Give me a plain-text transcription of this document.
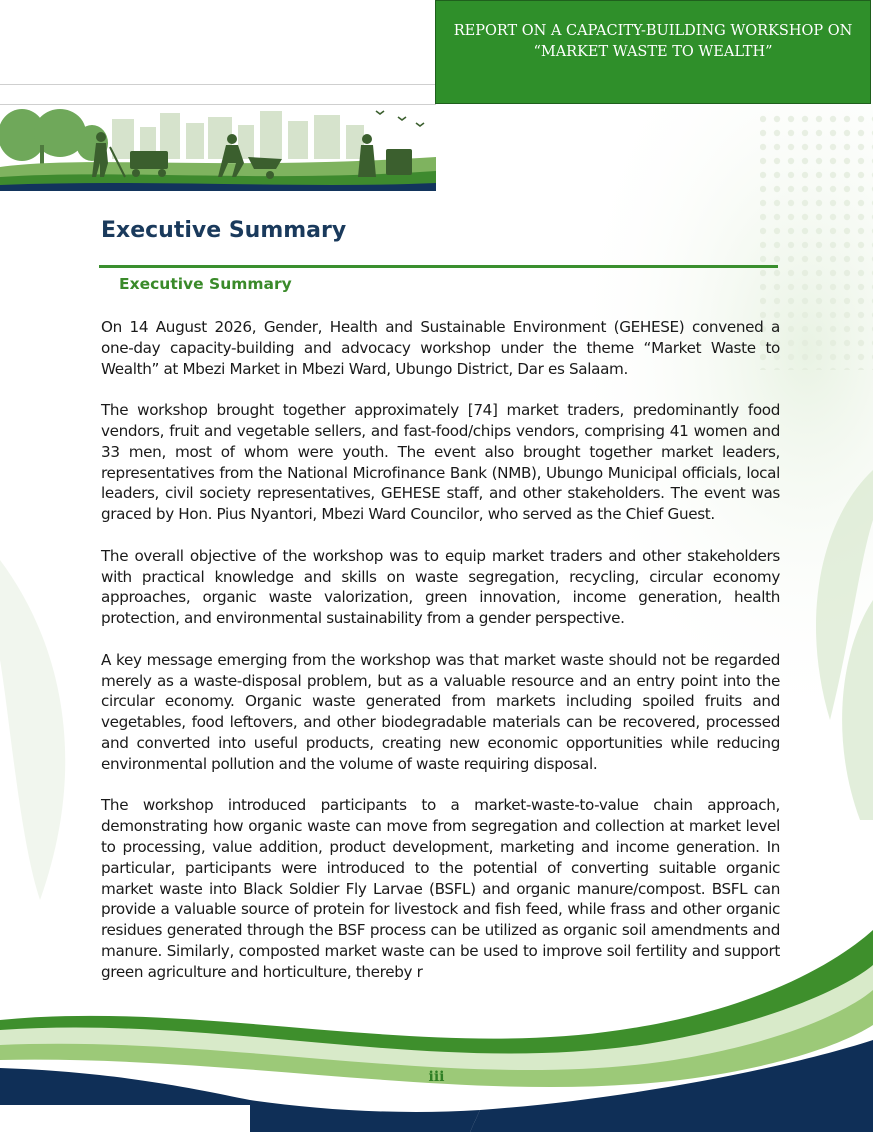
REPORT ON A CAPACITY-BUILDING WORKSHOP ON
“MARKET WASTE TO WEALTH”
Executive Summary
Executive Summary

On 14 August 2026, Gender, Health and Sustainable Environment (GEHESE) convened a one-day capacity-building and advocacy workshop under the theme “Market Waste to Wealth” at Mbezi Market in Mbezi Ward, Ubungo District, Dar es Salaam.

The workshop brought together approximately [74] market traders, predominantly food vendors, fruit and vegetable sellers, and fast-food/chips vendors, comprising 41 women and 33 men, most of whom were youth. The event also brought together market leaders, representatives from the National Microfinance Bank (NMB), Ubungo Municipal officials, local leaders, civil society representatives, GEHESE staff, and other stakeholders. The event was graced by Hon. Pius Nyantori, Mbezi Ward Councilor, who served as the Chief Guest.

The overall objective of the workshop was to equip market traders and other stakeholders with practical knowledge and skills on waste segregation, recycling, circular economy approaches, organic waste valorization, green innovation, income generation, health protection, and environmental sustainability from a gender perspective.

A key message emerging from the workshop was that market waste should not be regarded merely as a waste-disposal problem, but as a valuable resource and an entry point into the circular economy. Organic waste generated from markets including spoiled fruits and vegetables, food leftovers, and other biodegradable materials can be recovered, processed and converted into useful products, creating new economic opportunities while reducing environmental pollution and the volume of waste requiring disposal.

The workshop introduced participants to a market-waste-to-value chain approach, demonstrating how organic waste can move from segregation and collection at market level to processing, value addition, product development, marketing and income generation. In particular, participants were introduced to the potential of converting suitable organic market waste into Black Soldier Fly Larvae (BSFL) and organic manure/compost. BSFL can provide a valuable source of protein for livestock and fish feed, while frass and other organic residues generated through the BSF process can be utilized as organic soil amendments and manure. Similarly, composted market waste can be used to improve soil fertility and support green agriculture and horticulture, thereby r

iii
